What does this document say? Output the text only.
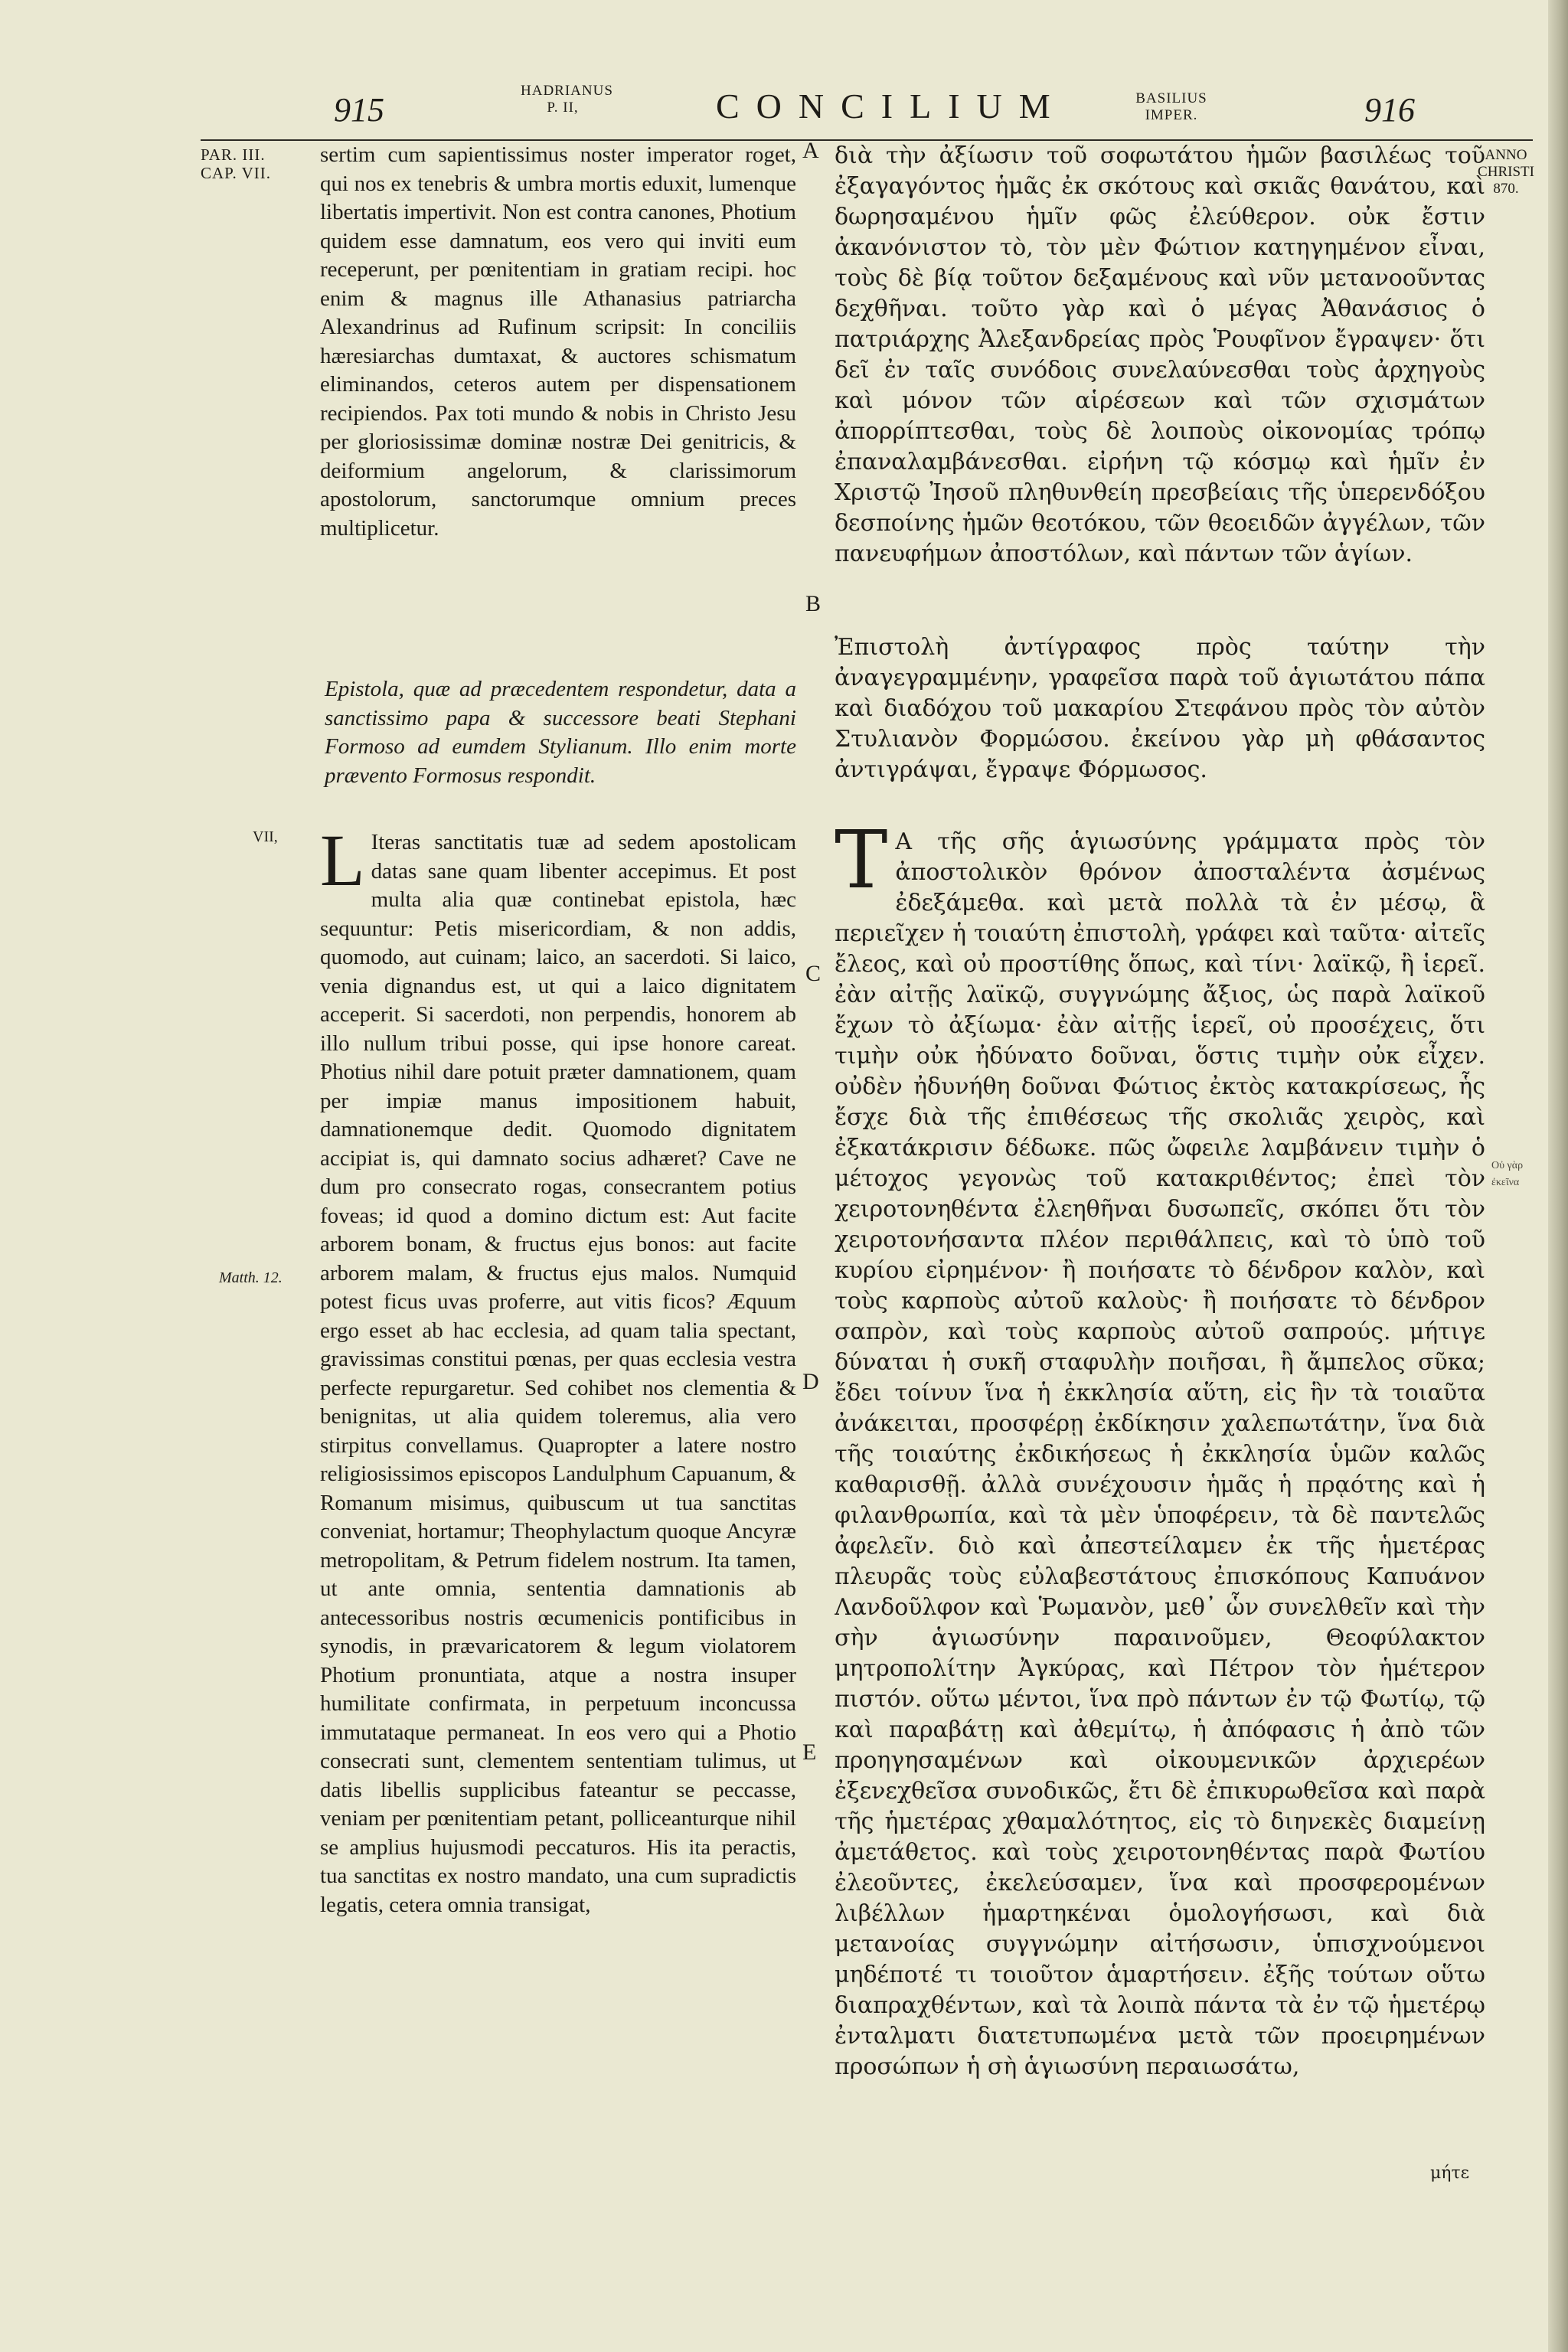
915
HADRIANUS
P. II,	CONCILIUM	BASILIUS
IMPER.	916
PAR. III.
CAP. VII.
ANNO
CHRISTI
870.

sertim cum sapientissimus noster imperator roget, qui nos ex tenebris & umbra mortis eduxit, lumenque libertatis impertivit. Non est contra canones, Photium quidem esse damnatum, eos vero qui inviti eum receperunt, per pœnitentiam in gratiam recipi. hoc enim & magnus ille Athanasius patriarcha Alexandrinus ad Rufinum scripsit: In conciliis hæresiarchas dumtaxat, & auctores schismatum eliminandos, ceteros autem per dispensationem recipiendos. Pax toti mundo & nobis in Christo Jesu per gloriosissimæ dominæ nostræ Dei genitricis, & deiformium angelorum, & clarissimorum apostolorum, sanctorumque omnium preces multiplicetur.

Epistola, quæ ad præcedentem respondetur, data a sanctissimo papa & successore beati Stephani Formoso ad eumdem Stylianum. Illo enim morte prævento Formosus respondit.

L Iteras sanctitatis tuæ ad sedem apostolicam datas sane quam libenter accepimus. Et post multa alia quæ continebat epistola, hæc sequuntur: Petis misericordiam, & non addis, quomodo, aut cuinam; laico, an sacerdoti. Si laico, venia dignandus est, ut qui a laico dignitatem acceperit. Si sacerdoti, non perpendis, honorem ab illo nullum tribui posse, qui ipse honore careat. Photius nihil dare potuit præter damnationem, quam per impiæ manus impositionem habuit, damnationemque dedit. Quomodo dignitatem accipiat is, qui damnato socius adhæret? Cave ne dum pro consecrato rogas, consecrantem potius foveas; id quod a domino dictum est: Aut facite arborem bonam, & fructus ejus bonos: aut facite arborem malam, & fructus ejus malos. Numquid potest ficus uvas proferre, aut vitis ficos? Æquum ergo esset ab hac ecclesia, ad quam talia spectant, gravissimas constitui pœnas, per quas ecclesia vestra perfecte repurgaretur. Sed cohibet nos clementia & benignitas, ut alia quidem toleremus, alia vero stirpitus convellamus. Quapropter a latere nostro religiosissimos episcopos Landulphum Capuanum, & Romanum misimus, quibuscum ut tua sanctitas conveniat, hortamur; Theophylactum quoque Ancyræ metropolitam, & Petrum fidelem nostrum. Ita tamen, ut ante omnia, sententia damnationis ab antecessoribus nostris œcumenicis pontificibus in synodis, in prævaricatorem & legum violatorem Photium pronuntiata, atque a nostra insuper humilitate confirmata, in perpetuum inconcussa immutataque permaneat. In eos vero qui a Photio consecrati sunt, clementem sententiam tulimus, ut datis libellis supplicibus fateantur se peccasse, veniam per pœnitentiam petant, polliceanturque nihil se amplius hujusmodi peccaturos. His ita peractis, tua sanctitas ex nostro mandato, una cum supradictis legatis, cetera omnia transigat,

A
B
C
D
E
VII,
Matth. 12.

διὰ τὴν ἀξίωσιν τοῦ σοφωτάτου ἡμῶν βασιλέως τοῦ ἐξαγαγόντος ἡμᾶς ἐκ σκότους καὶ σκιᾶς θανάτου, καὶ δωρησαμένου ἡμῖν φῶς ἐλεύθερον. οὐκ ἔστιν ἀκανόνιστον τὸ, τὸν μὲν Φώτιον κατηγημένον εἶναι, τοὺς δὲ βίᾳ τοῦτον δεξαμένους καὶ νῦν μετανοοῦντας δεχθῆναι. τοῦτο γὰρ καὶ ὁ μέγας Ἀθανάσιος ὁ πατριάρχης Ἀλεξανδρείας πρὸς Ῥουφῖνον ἔγραψεν· ὅτι δεῖ ἐν ταῖς συνόδοις συνελαύνεσθαι τοὺς ἀρχηγοὺς καὶ μόνον τῶν αἱρέσεων καὶ τῶν σχισμάτων ἀπορρίπτεσθαι, τοὺς δὲ λοιποὺς οἰκονομίας τρόπῳ ἐπαναλαμβάνεσθαι. εἰρήνη τῷ κόσμῳ καὶ ἡμῖν ἐν Χριστῷ Ἰησοῦ πληθυνθείη πρεσβείαις τῆς ὑπερενδόξου δεσποίνης ἡμῶν θεοτόκου, τῶν θεοειδῶν ἀγγέλων, τῶν πανευφήμων ἀποστόλων, καὶ πάντων τῶν ἁγίων.

Ἐπιστολὴ ἀντίγραφος πρὸς ταύτην τὴν ἀναγεγραμμένην, γραφεῖσα παρὰ τοῦ ἁγιωτάτου πάπα καὶ διαδόχου τοῦ μακαρίου Στεφάνου πρὸς τὸν αὐτὸν Στυλιανὸν Φορμώσου. ἐκείνου γὰρ μὴ φθάσαντος ἀντιγράψαι, ἔγραψε Φόρμωσος.

Τ Α τῆς σῆς ἁγιωσύνης γράμματα πρὸς τὸν ἀποστολικὸν θρόνον ἀποσταλέντα ἀσμένως ἐδεξάμεθα. καὶ μετὰ πολλὰ τὰ ἐν μέσῳ, ἃ περιεῖχεν ἡ τοιαύτη ἐπιστολὴ, γράφει καὶ ταῦτα· αἰτεῖς ἔλεος, καὶ οὐ προστίθης ὅπως, καὶ τίνι· λαϊκῷ, ἢ ἱερεῖ. ἐὰν αἰτῇς λαϊκῷ, συγγνώμης ἄξιος, ὡς παρὰ λαϊκοῦ ἔχων τὸ ἀξίωμα· ἐὰν αἰτῇς ἱερεῖ, οὐ προσέχεις, ὅτι τιμὴν οὐκ ἠδύνατο δοῦναι, ὅστις τιμὴν οὐκ εἶχεν. οὐδὲν ἠδυνήθη δοῦναι Φώτιος ἐκτὸς κατακρίσεως, ἧς ἔσχε διὰ τῆς ἐπιθέσεως τῆς σκολιᾶς χειρὸς, καὶ ἐξκατάκρισιν δέδωκε. πῶς ὤφειλε λαμβάνειν τιμὴν ὁ μέτοχος γεγονὼς τοῦ κατακριθέντος; ἐπεὶ τὸν χειροτονηθέντα ἐλεηθῆναι δυσωπεῖς, σκόπει ὅτι τὸν χειροτονήσαντα πλέον περιθάλπεις, καὶ τὸ ὑπὸ τοῦ κυρίου εἰρημένον· ἢ ποιήσατε τὸ δένδρον καλὸν, καὶ τοὺς καρποὺς αὐτοῦ καλοὺς· ἢ ποιήσατε τὸ δένδρον σαπρὸν, καὶ τοὺς καρποὺς αὐτοῦ σαπρούς. μήτιγε δύναται ἡ συκῆ σταφυλὴν ποιῆσαι, ἢ ἄμπελος σῦκα; ἔδει τοίνυν ἵνα ἡ ἐκκλησία αὕτη, εἰς ἣν τὰ τοιαῦτα ἀνάκειται, προσφέρῃ ἐκδίκησιν χαλεπωτάτην, ἵνα διὰ τῆς τοιαύτης ἐκδικήσεως ἡ ἐκκλησία ὑμῶν καλῶς καθαρισθῇ. ἀλλὰ συνέχουσιν ἡμᾶς ἡ πρᾳότης καὶ ἡ φιλανθρωπία, καὶ τὰ μὲν ὑποφέρειν, τὰ δὲ παντελῶς ἀφελεῖν. διὸ καὶ ἀπεστείλαμεν ἐκ τῆς ἡμετέρας πλευρᾶς τοὺς εὐλαβεστάτους ἐπισκόπους Καπυάνον Λανδοῦλφον καὶ Ῥωμανὸν, μεθ᾽ ὧν συνελθεῖν καὶ τὴν σὴν ἁγιωσύνην παραινοῦμεν, Θεοφύλακτον μητροπολίτην Ἀγκύρας, καὶ Πέτρον τὸν ἡμέτερον πιστόν. οὕτω μέντοι, ἵνα πρὸ πάντων ἐν τῷ Φωτίῳ, τῷ καὶ παραβάτῃ καὶ ἀθεμίτῳ, ἡ ἀπόφασις ἡ ἀπὸ τῶν προηγησαμένων καὶ οἰκουμενικῶν ἀρχιερέων ἐξενεχθεῖσα συνοδικῶς, ἔτι δὲ ἐπικυρωθεῖσα καὶ παρὰ τῆς ἡμετέρας χθαμαλότητος, εἰς τὸ διηνεκὲς διαμείνῃ ἀμετάθετος. καὶ τοὺς χειροτονηθέντας παρὰ Φωτίου ἐλεοῦντες, ἐκελεύσαμεν, ἵνα καὶ προσφερομένων λιβέλλων ἡμαρτηκέναι ὁμολογήσωσι, καὶ διὰ μετανοίας συγγνώμην αἰτήσωσιν, ὑπισχνούμενοι μηδέποτέ τι τοιοῦτον ἁμαρτήσειν. ἐξῆς τούτων οὕτω διαπραχθέντων, καὶ τὰ λοιπὰ πάντα τὰ ἐν τῷ ἡμετέρῳ ἐνταλματι διατετυπωμένα μετὰ τῶν προειρημένων προσώπων ἡ σὴ ἁγιωσύνη περαιωσάτω,

μήτε
Οὐ γὰρ ἐκεῖνα
